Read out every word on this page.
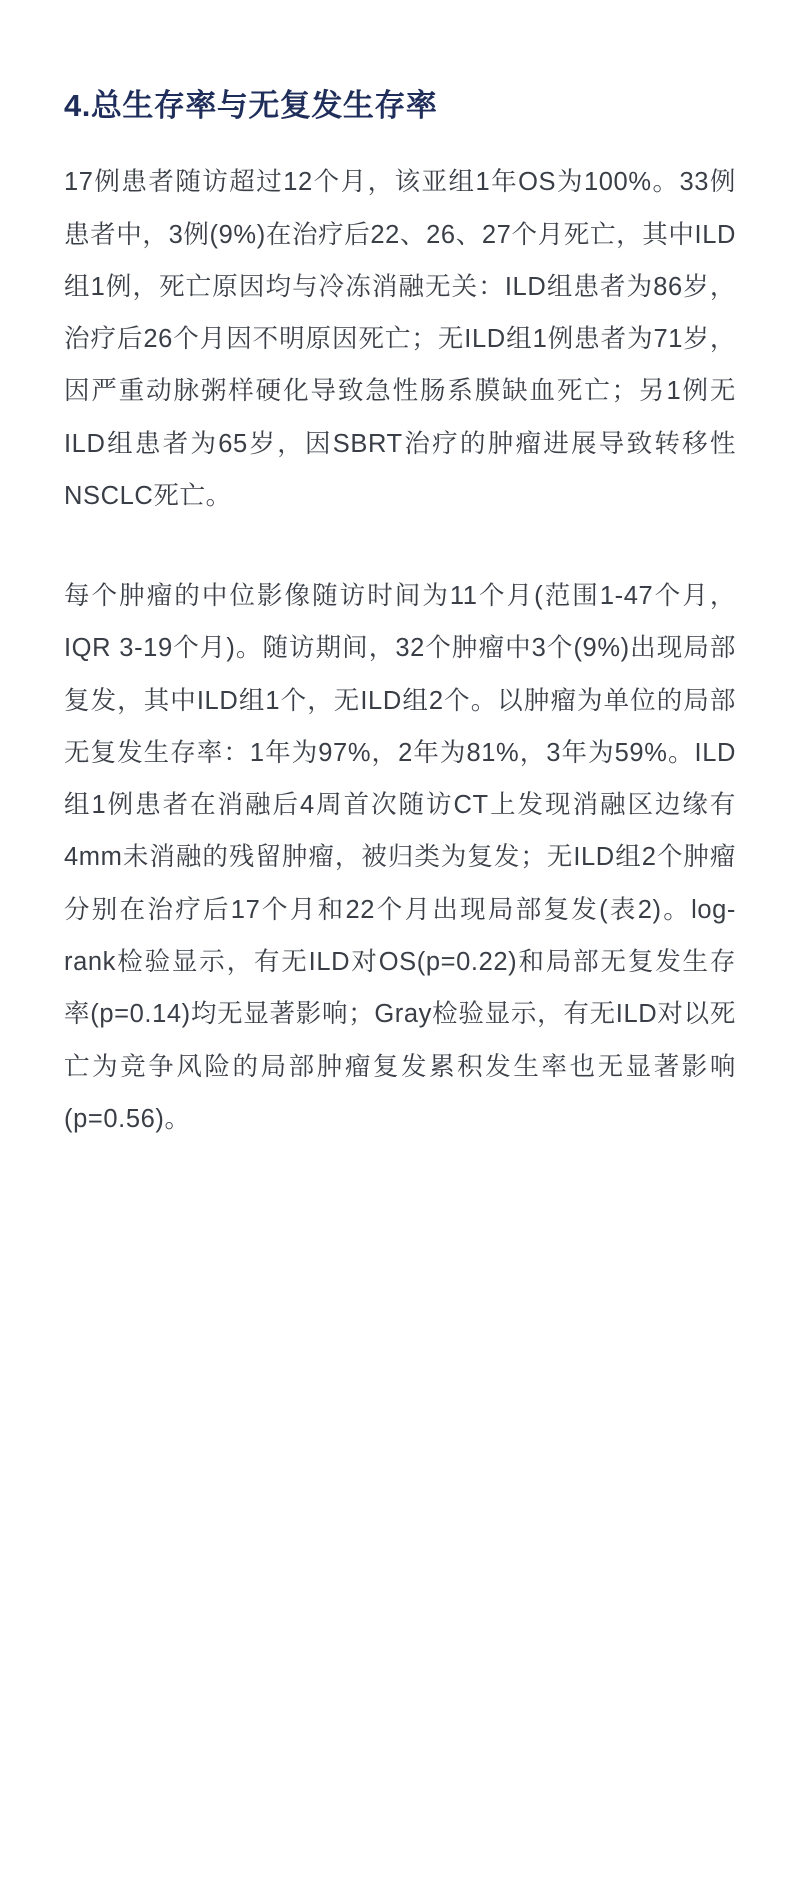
4.总生存率与无复发生存率

17例患者随访超过12个月，该亚组1年OS为100%。33例患者中，3例(9%)在治疗后22、26、27个月死亡，其中ILD组1例，死亡原因均与冷冻消融无关：ILD组患者为86岁，治疗后26个月因不明原因死亡；无ILD组1例患者为71岁，因严重动脉粥样硬化导致急性肠系膜缺血死亡；另1例无ILD组患者为65岁，因SBRT治疗的肿瘤进展导致转移性NSCLC死亡。

每个肿瘤的中位影像随访时间为11个月(范围1-47个月，IQR 3-19个月)。随访期间，32个肿瘤中3个(9%)出现局部复发，其中ILD组1个，无ILD组2个。以肿瘤为单位的局部无复发生存率：1年为97%，2年为81%，3年为59%。ILD组1例患者在消融后4周首次随访CT上发现消融区边缘有4mm未消融的残留肿瘤，被归类为复发；无ILD组2个肿瘤分别在治疗后17个月和22个月出现局部复发(表2)。log-rank检验显示，有无ILD对OS(p=0.22)和局部无复发生存率(p=0.14)均无显著影响；Gray检验显示，有无ILD对以死亡为竞争风险的局部肿瘤复发累积发生率也无显著影响(p=0.56)。
